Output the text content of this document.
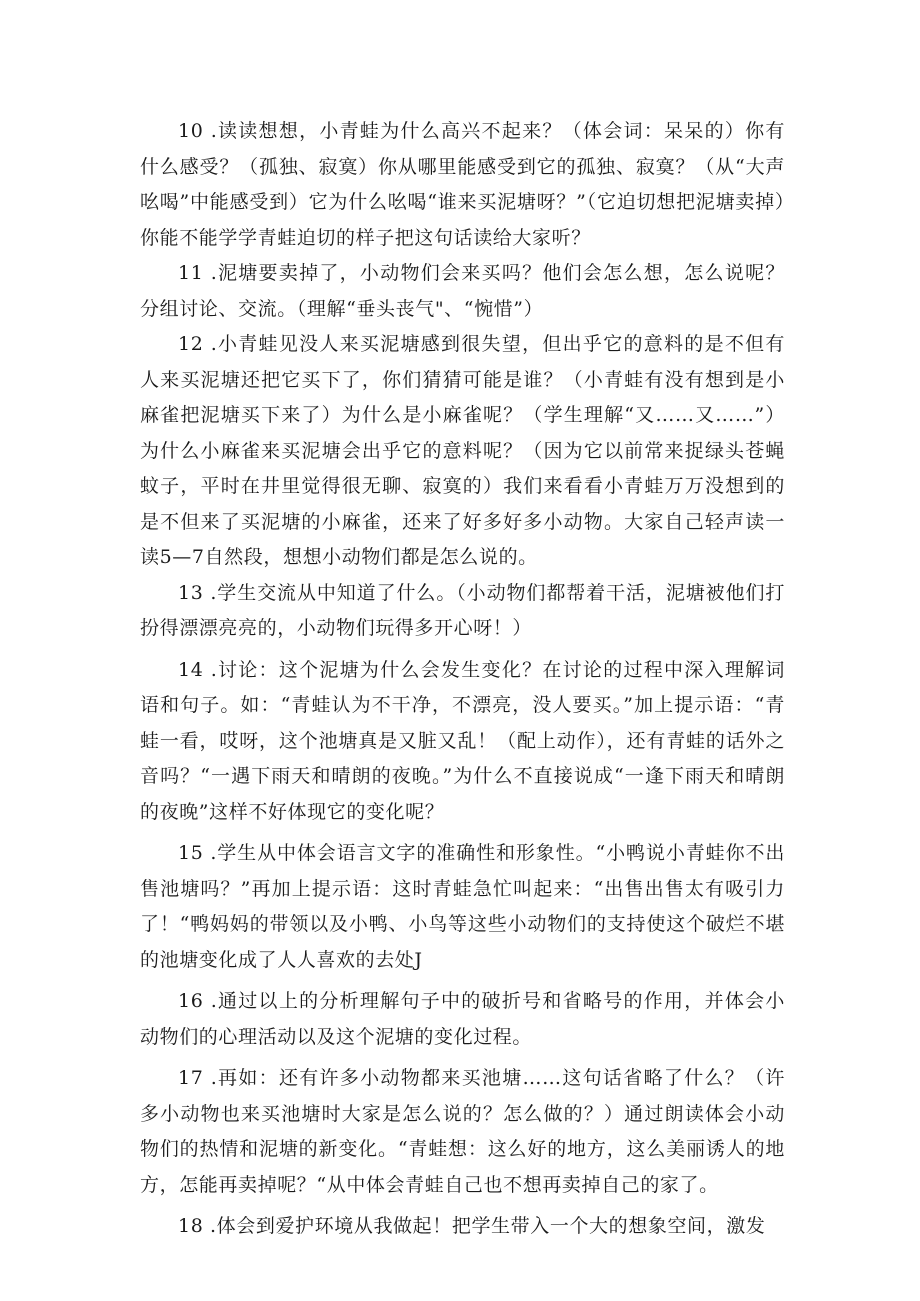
10 .读读想想，小青蛙为什么高兴不起来？（体会词：呆呆的）你有什么感受？（孤独、寂寞）你从哪里能感受到它的孤独、寂寞？（从“大声吆喝”中能感受到）它为什么吆喝“谁来买泥塘呀？”（它迫切想把泥塘卖掉）你能不能学学青蛙迫切的样子把这句话读给大家听？

11 .泥塘要卖掉了，小动物们会来买吗？他们会怎么想，怎么说呢？分组讨论、交流。（理解“垂头丧气"、“惋惜”）

12 .小青蛙见没人来买泥塘感到很失望，但出乎它的意料的是不但有人来买泥塘还把它买下了，你们猜猜可能是谁？（小青蛙有没有想到是小麻雀把泥塘买下来了）为什么是小麻雀呢？（学生理解“又……又……”）为什么小麻雀来买泥塘会出乎它的意料呢？（因为它以前常来捉绿头苍蝇蚊子，平时在井里觉得很无聊、寂寞的）我们来看看小青蛙万万没想到的是不但来了买泥塘的小麻雀，还来了好多好多小动物。大家自己轻声读一读5—7自然段，想想小动物们都是怎么说的。

13 .学生交流从中知道了什么。（小动物们都帮着干活，泥塘被他们打扮得漂漂亮亮的，小动物们玩得多开心呀！）

14 .讨论：这个泥塘为什么会发生变化？在讨论的过程中深入理解词语和句子。如：“青蛙认为不干净，不漂亮，没人要买。”加上提示语：“青蛙一看，哎呀，这个池塘真是又脏又乱！（配上动作），还有青蛙的话外之音吗？“一遇下雨天和晴朗的夜晚。”为什么不直接说成“一逢下雨天和晴朗的夜晚”这样不好体现它的变化呢？

15 .学生从中体会语言文字的准确性和形象性。“小鸭说小青蛙你不出售池塘吗？”再加上提示语：这时青蛙急忙叫起来：“出售出售太有吸引力了！“鸭妈妈的带领以及小鸭、小鸟等这些小动物们的支持使这个破烂不堪的池塘变化成了人人喜欢的去处J

16 .通过以上的分析理解句子中的破折号和省略号的作用，并体会小动物们的心理活动以及这个泥塘的变化过程。

17 .再如：还有许多小动物都来买池塘……这句话省略了什么？（许多小动物也来买池塘时大家是怎么说的？怎么做的？）通过朗读体会小动物们的热情和泥塘的新变化。“青蛙想：这么好的地方，这么美丽诱人的地方，怎能再卖掉呢？“从中体会青蛙自己也不想再卖掉自己的家了。

18 .体会到爱护环境从我做起！把学生带入一个大的想象空间，激发
